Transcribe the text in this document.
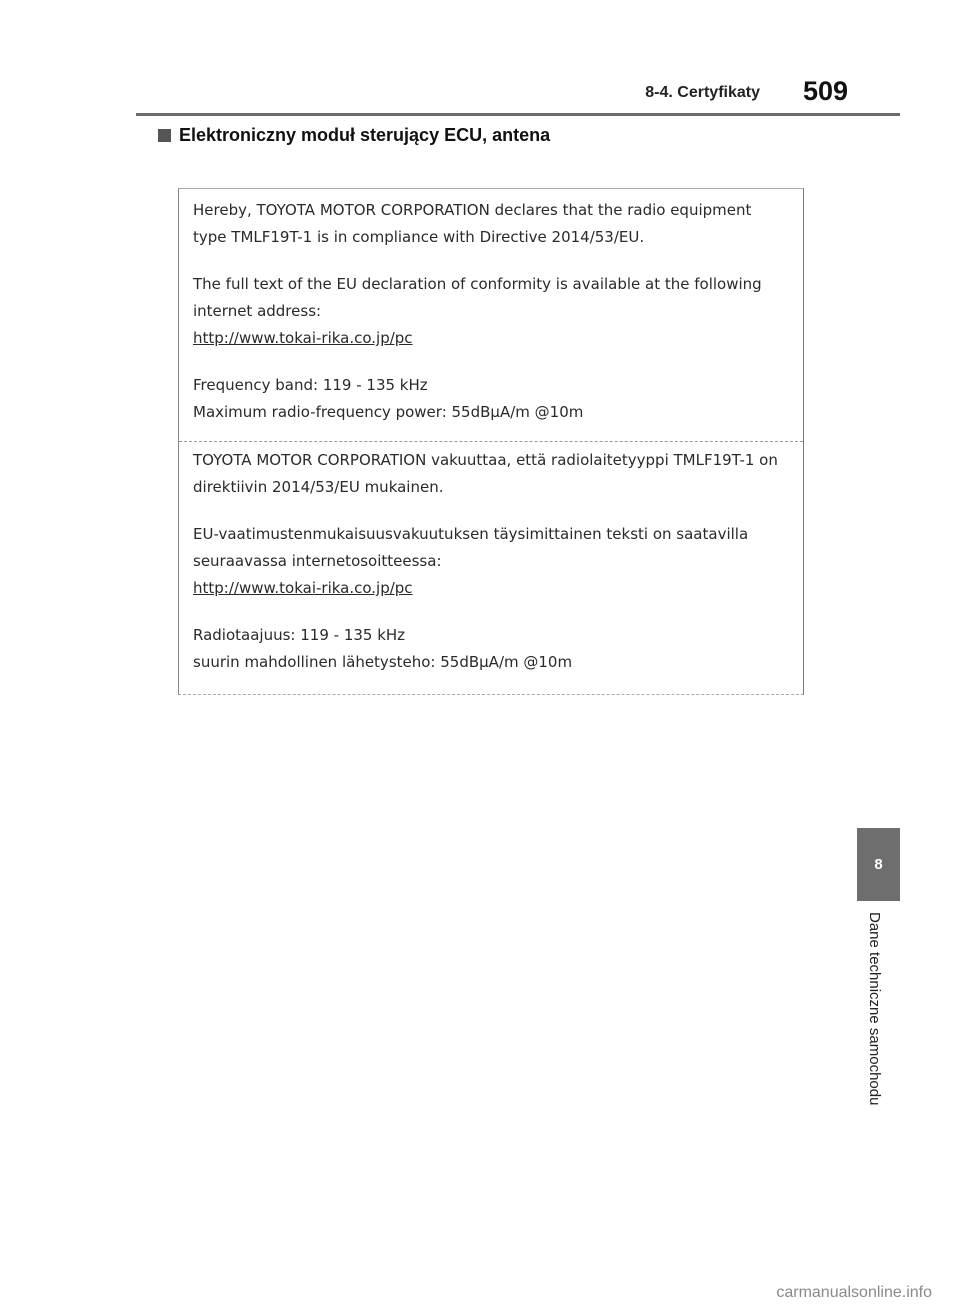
8-4. Certyfikaty 509
Elektroniczny moduł sterujący ECU, antena

Hereby, TOYOTA MOTOR CORPORATION declares that the radio equipment type TMLF19T-1 is in compliance with Directive 2014/53/EU.

The full text of the EU declaration of conformity is available at the following internet address:

http://www.tokai-rika.co.jp/pc

Frequency band: 119 - 135 kHz

Maximum radio-frequency power: 55dBµA/m @10m

TOYOTA MOTOR CORPORATION vakuuttaa, että radiolaitetyyppi TMLF19T-1 on direktiivin 2014/53/EU mukainen.

EU-vaatimustenmukaisuusvakuutuksen täysimittainen teksti on saatavilla seuraavassa internetosoitteessa:

http://www.tokai-rika.co.jp/pc

Radiotaajuus: 119 - 135 kHz

suurin mahdollinen lähetysteho: 55dBµA/m @10m

8
Dane techniczne samochodu
carmanualsonline.info
